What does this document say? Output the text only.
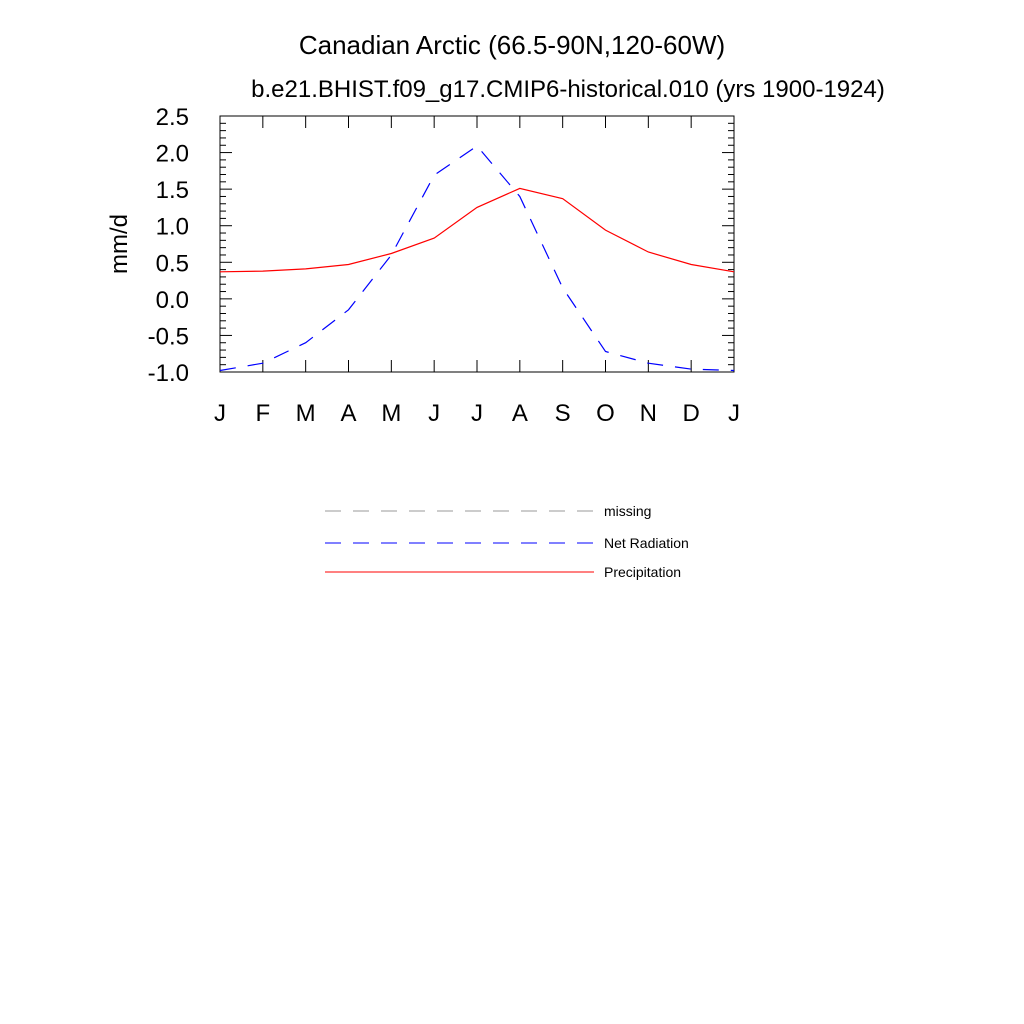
Canadian Arctic (66.5-90N,120-60W)
b.e21.BHIST.f09_g17.CMIP6-historical.010 (yrs 1900-1924)
mm/d
-1.0
-0.5
0.0
0.5
1.0
1.5
2.0
2.5
J F M A M J J A S O N D J
missing
Net Radiation
Precipitation
